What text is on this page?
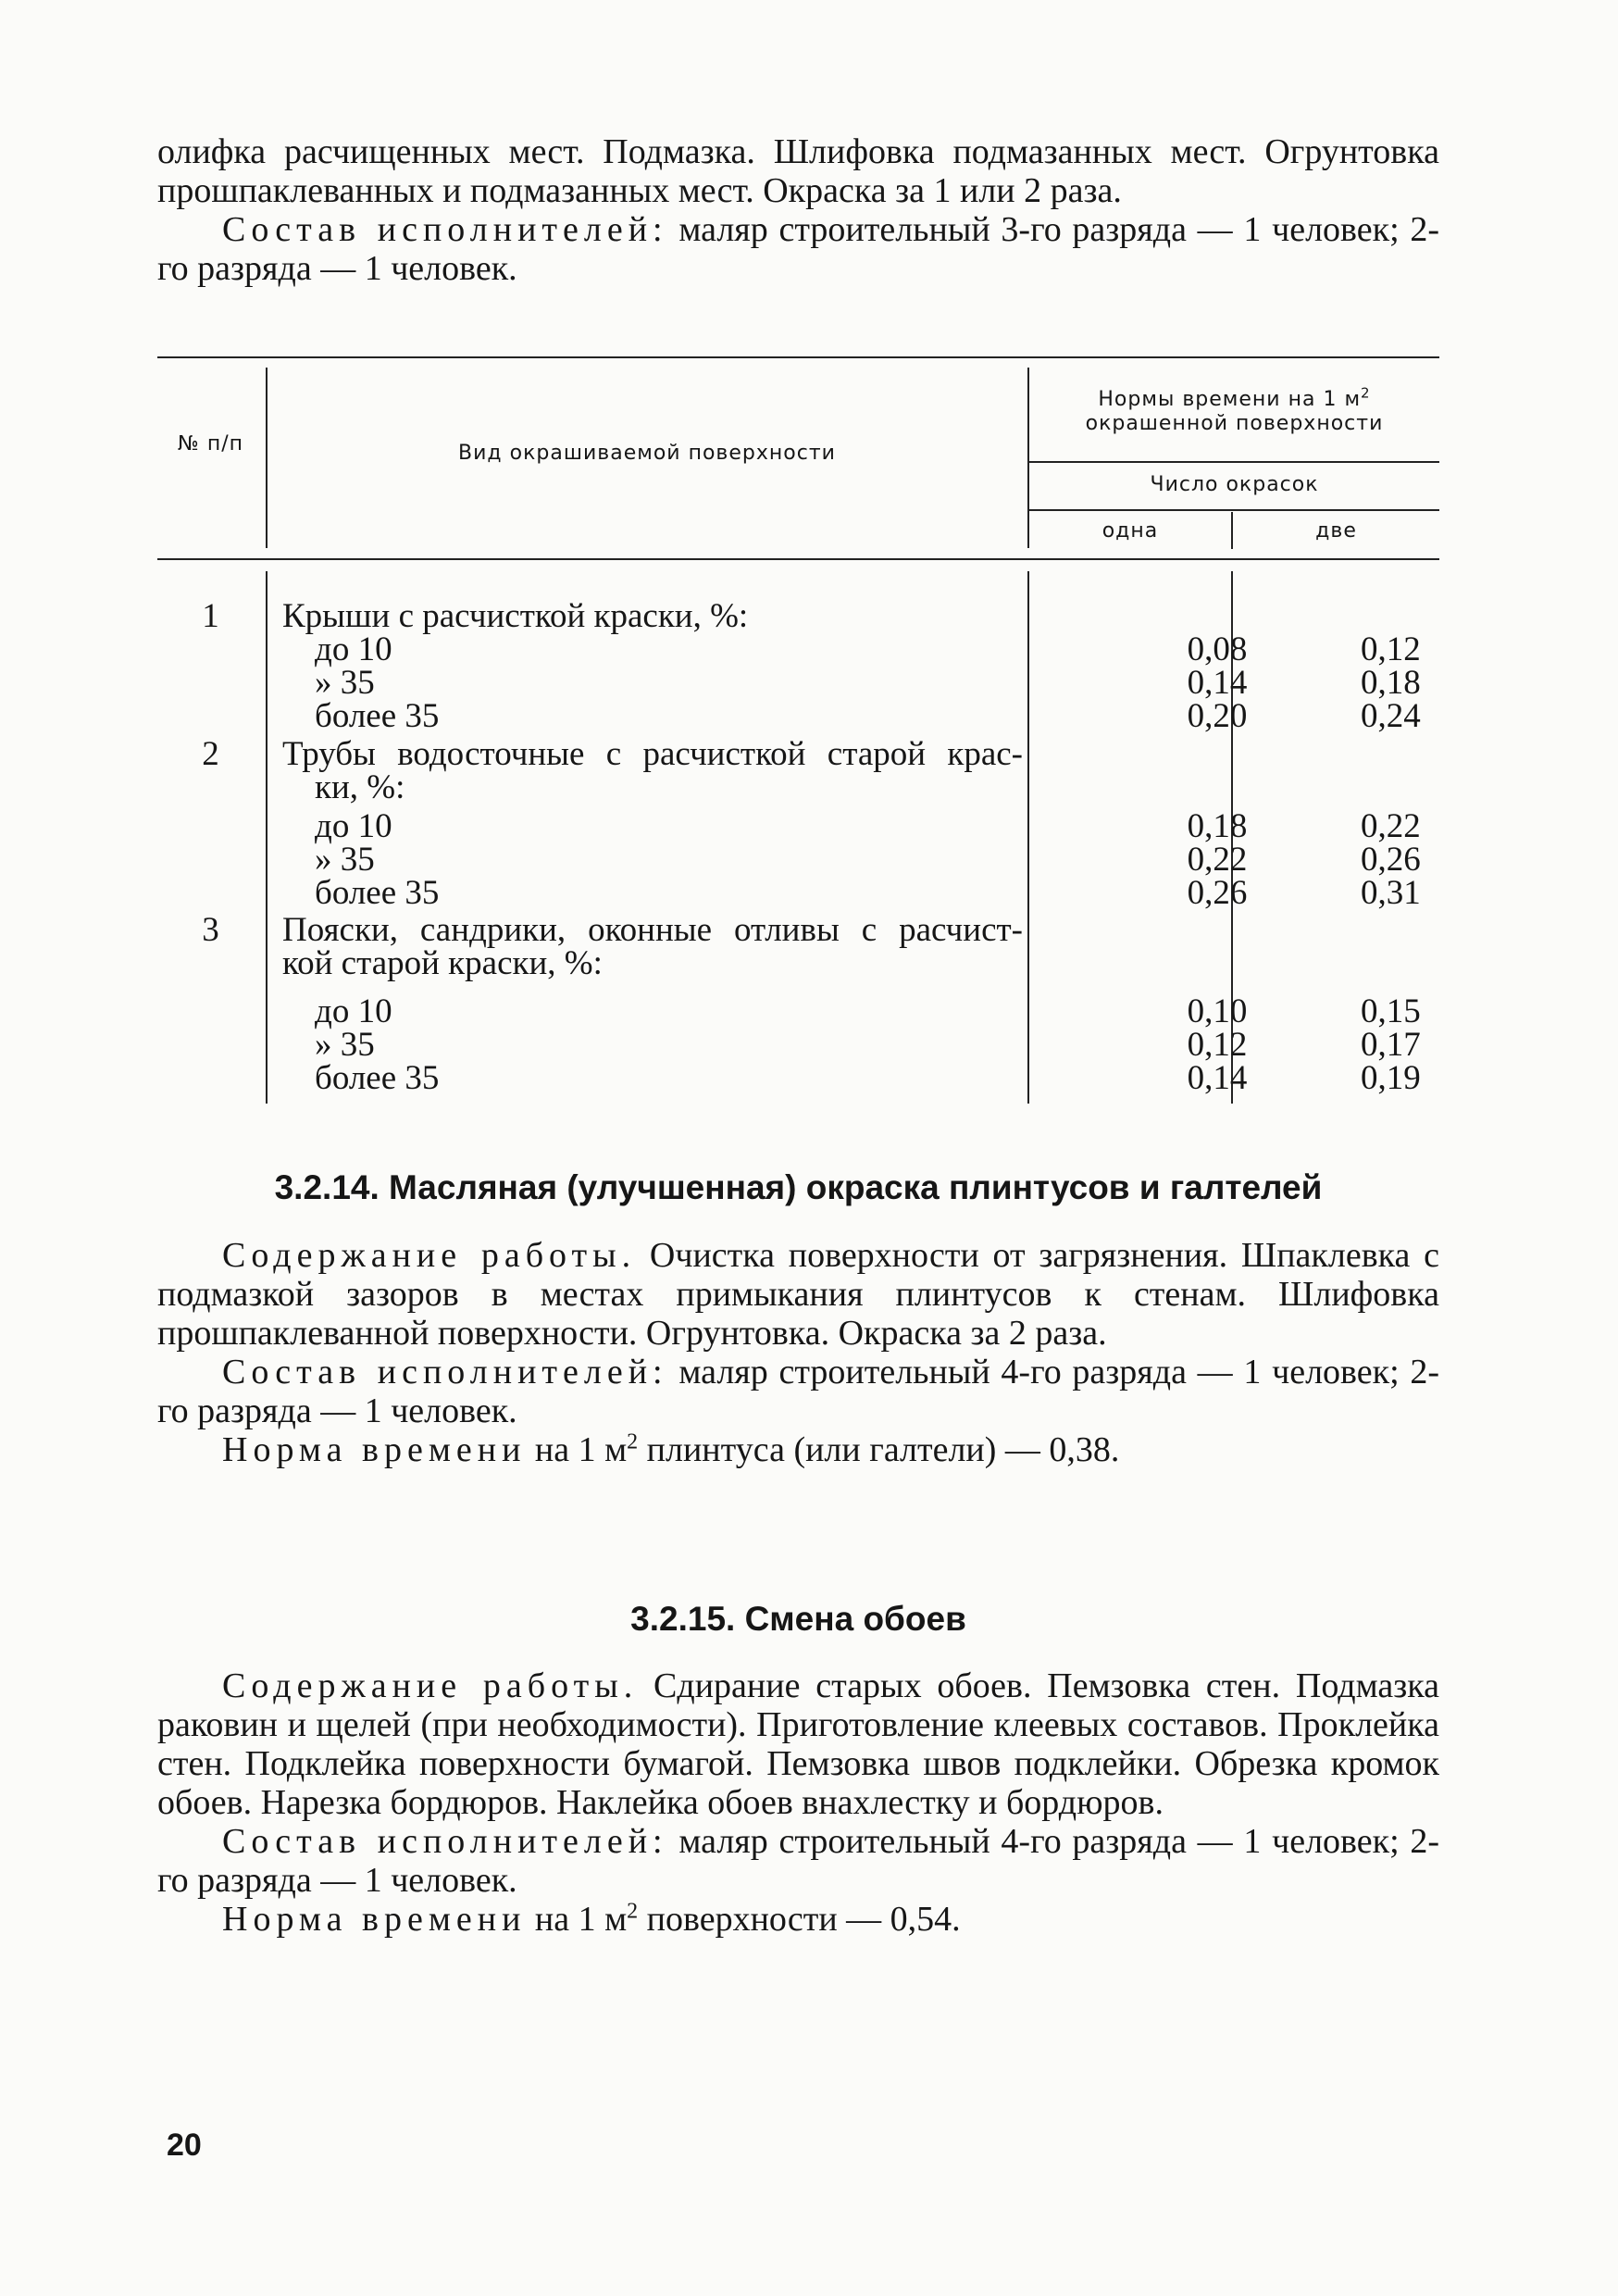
олифка расчищенных мест. Подмазка. Шлифовка подмазанных мест. Огрунтовка прошпаклеванных и подмазанных мест. Окраска за 1 или 2 раза.

Состав исполнителей: маляр строительный 3-го разряда — 1 человек; 2-го разряда — 1 человек.

№ п/п	Вид окрашиваемой поверхности
Нормы времени на 1 $м^2$
окрашенной поверхности
Число окрасок
одна	две
1	Крыши с расчисткой краски, %:
до 10	0,08	0,12
» 35	0,14	0,18
более 35	0,20	0,24
2	Трубы водосточные с расчисткой старой крас-
ки, %:
до 10	0,18	0,22
» 35	0,22	0,26
более 35	0,26	0,31
3	Пояски, сандрики, оконные отливы с расчист-
кой старой краски, %:
до 10	0,10	0,15
» 35	0,12	0,17
более 35	0,14	0,19
3.2.14. Масляная (улучшенная) окраска плинтусов и галтелей

Содержание работы. Очистка поверхности от загрязнения. Шпаклевка с подмазкой зазоров в местах примыкания плинтусов к стенам. Шлифовка прошпаклеванной поверхности. Огрунтовка. Окраска за 2 раза.

Состав исполнителей: маляр строительный 4-го разряда — 1 человек; 2-го разряда — 1 человек.

Норма времени на 1 $м^2$ плинтуса (или галтели) — 0,38.

3.2.15. Смена обоев

Содержание работы. Сдирание старых обоев. Пемзовка стен. Подмазка раковин и щелей (при необходимости). Приготовление клеевых составов. Проклейка стен. Подклейка поверхности бумагой. Пемзовка швов подклейки. Обрезка кромок обоев. Нарезка бордюров. Наклейка обоев внахлестку и бордюров.

Состав исполнителей: маляр строительный 4-го разряда — 1 человек; 2-го разряда — 1 человек.

Норма времени на 1 $м^2$ поверхности — 0,54.

20
